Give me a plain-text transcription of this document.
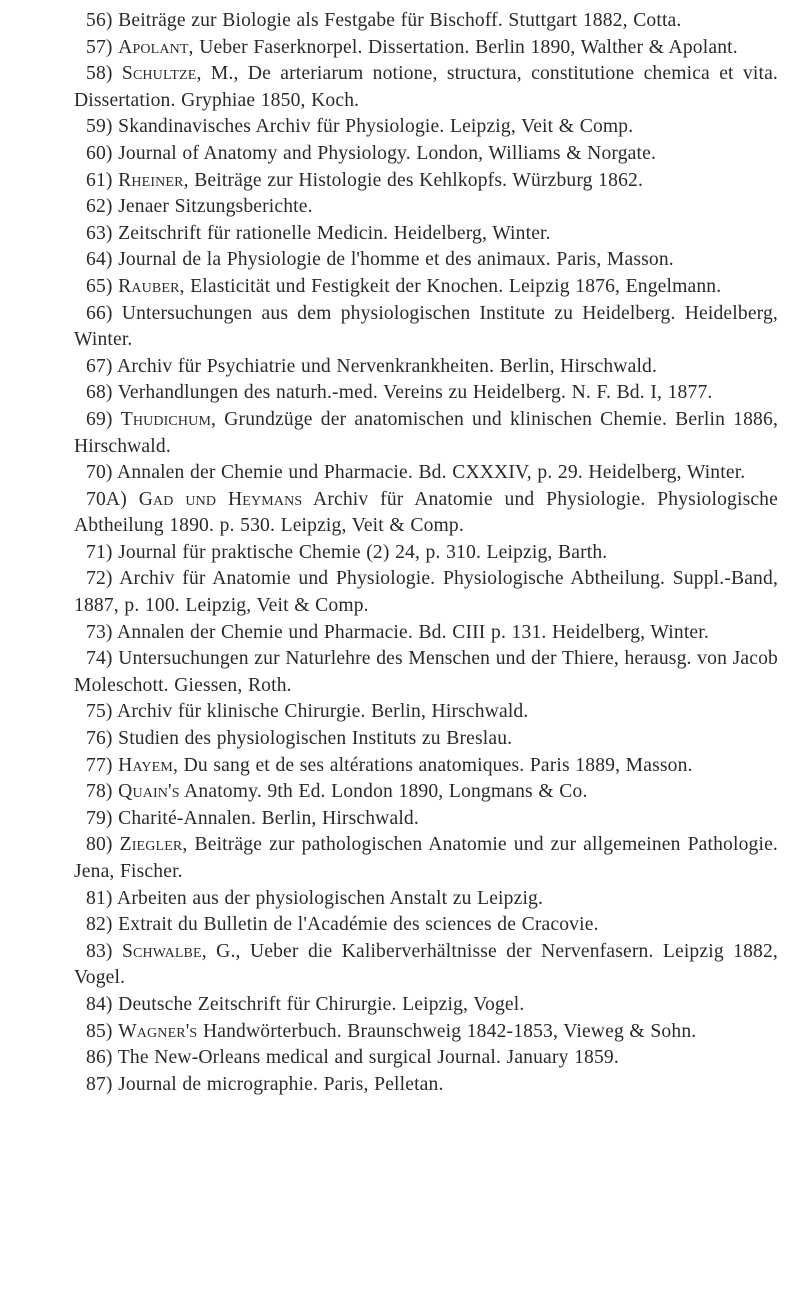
56) Beiträge zur Biologie als Festgabe für Bischoff. Stuttgart 1882, Cotta.
57) Apolant, Ueber Faserknorpel. Dissertation. Berlin 1890, Walther & Apolant.
58) Schultze, M., De arteriarum notione, structura, constitutione chemica et vita. Dissertation. Gryphiae 1850, Koch.
59) Skandinavisches Archiv für Physiologie. Leipzig, Veit & Comp.
60) Journal of Anatomy and Physiology. London, Williams & Norgate.
61) Rheiner, Beiträge zur Histologie des Kehlkopfs. Würzburg 1862.
62) Jenaer Sitzungsberichte.
63) Zeitschrift für rationelle Medicin. Heidelberg, Winter.
64) Journal de la Physiologie de l'homme et des animaux. Paris, Masson.
65) Rauber, Elasticität und Festigkeit der Knochen. Leipzig 1876, Engelmann.
66) Untersuchungen aus dem physiologischen Institute zu Heidelberg. Heidelberg, Winter.
67) Archiv für Psychiatrie und Nervenkrankheiten. Berlin, Hirschwald.
68) Verhandlungen des naturh.-med. Vereins zu Heidelberg. N. F. Bd. I, 1877.
69) Thudichum, Grundzüge der anatomischen und klinischen Chemie. Berlin 1886, Hirschwald.
70) Annalen der Chemie und Pharmacie. Bd. CXXXIV, p. 29. Heidelberg, Winter.
70A) Gad und Heymans Archiv für Anatomie und Physiologie. Physiologische Abtheilung 1890. p. 530. Leipzig, Veit & Comp.
71) Journal für praktische Chemie (2) 24, p. 310. Leipzig, Barth.
72) Archiv für Anatomie und Physiologie. Physiologische Abtheilung. Suppl.-Band, 1887, p. 100. Leipzig, Veit & Comp.
73) Annalen der Chemie und Pharmacie. Bd. CIII p. 131. Heidelberg, Winter.
74) Untersuchungen zur Naturlehre des Menschen und der Thiere, herausg. von Jacob Moleschott. Giessen, Roth.
75) Archiv für klinische Chirurgie. Berlin, Hirschwald.
76) Studien des physiologischen Instituts zu Breslau.
77) Hayem, Du sang et de ses altérations anatomiques. Paris 1889, Masson.
78) Quain's Anatomy. 9th Ed. London 1890, Longmans & Co.
79) Charité-Annalen. Berlin, Hirschwald.
80) Ziegler, Beiträge zur pathologischen Anatomie und zur allgemeinen Pathologie. Jena, Fischer.
81) Arbeiten aus der physiologischen Anstalt zu Leipzig.
82) Extrait du Bulletin de l'Académie des sciences de Cracovie.
83) Schwalbe, G., Ueber die Kaliberverhältnisse der Nervenfasern. Leipzig 1882, Vogel.
84) Deutsche Zeitschrift für Chirurgie. Leipzig, Vogel.
85) Wagner's Handwörterbuch. Braunschweig 1842-1853, Vieweg & Sohn.
86) The New-Orleans medical and surgical Journal. January 1859.
87) Journal de micrographie. Paris, Pelletan.
